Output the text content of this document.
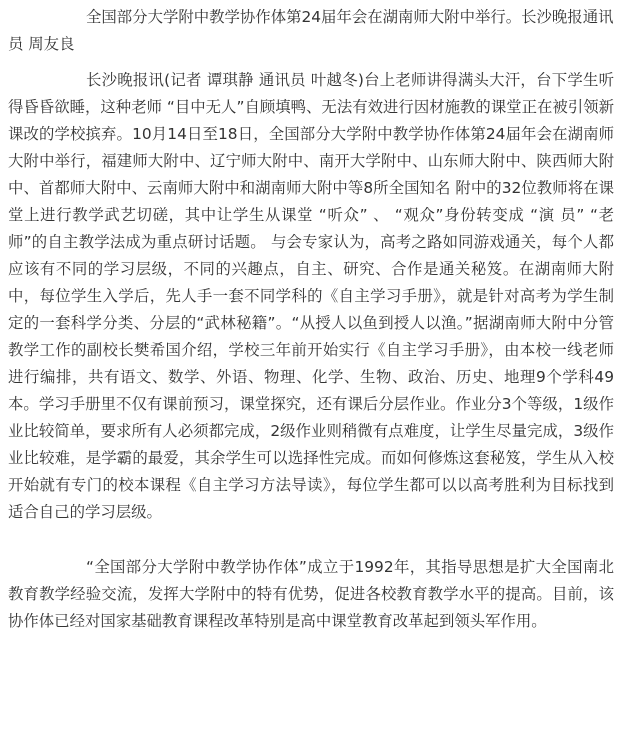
全国部分大学附中教学协作体第24届年会在湖南师大附中举行。长沙晚报通讯员 周友良

长沙晚报讯(记者 谭琪静 通讯员 叶越冬)台上老师讲得满头大汗，台下学生听得昏昏欲睡，这种老师 “目中无人”自顾填鸭、无法有效进行因材施教的课堂正在被引领新课改的学校摈弃。10月14日至18日，全国部分大学附中教学协作体第24届年会在湖南师大附中举行，福建师大附中、辽宁师大附中、南开大学附中、山东师大附中、陕西师大附中、首都师大附中、云南师大附中和湖南师大附中等8所全国知名 附中的32位教师将在课堂上进行教学武艺切磋，其中让学生从课堂 “听众” 、 “观众”身份转变成 “演 员” “老师”的自主教学法成为重点研讨话题。 与会专家认为，高考之路如同游戏通关，每个人都应该有不同的学习层级，不同的兴趣点，自主、研究、合作是通关秘笈。在湖南师大附中，每位学生入学后，先人手一套不同学科的《自主学习手册》，就是针对高考为学生制定的一套科学分类、分层的“武林秘籍”。“从授人以鱼到授人以渔。”据湖南师大附中分管教学工作的副校长樊希国介绍，学校三年前开始实行《自主学习手册》，由本校一线老师进行编排，共有语文、数学、外语、物理、化学、生物、政治、历史、地理9个学科49本。学习手册里不仅有课前预习，课堂探究，还有课后分层作业。作业分3个等级，1级作业比较简单，要求所有人必须都完成，2级作业则稍微有点难度，让学生尽量完成，3级作业比较难，是学霸的最爱，其余学生可以选择性完成。而如何修炼这套秘笈，学生从入校开始就有专门的校本课程《自主学习方法导读》，每位学生都可以以高考胜利为目标找到适合自己的学习层级。

“全国部分大学附中教学协作体”成立于1992年，其指导思想是扩大全国南北教育教学经验交流，发挥大学附中的特有优势，促进各校教育教学水平的提高。目前，该协作体已经对国家基础教育课程改革特别是高中课堂教育改革起到领头军作用。
